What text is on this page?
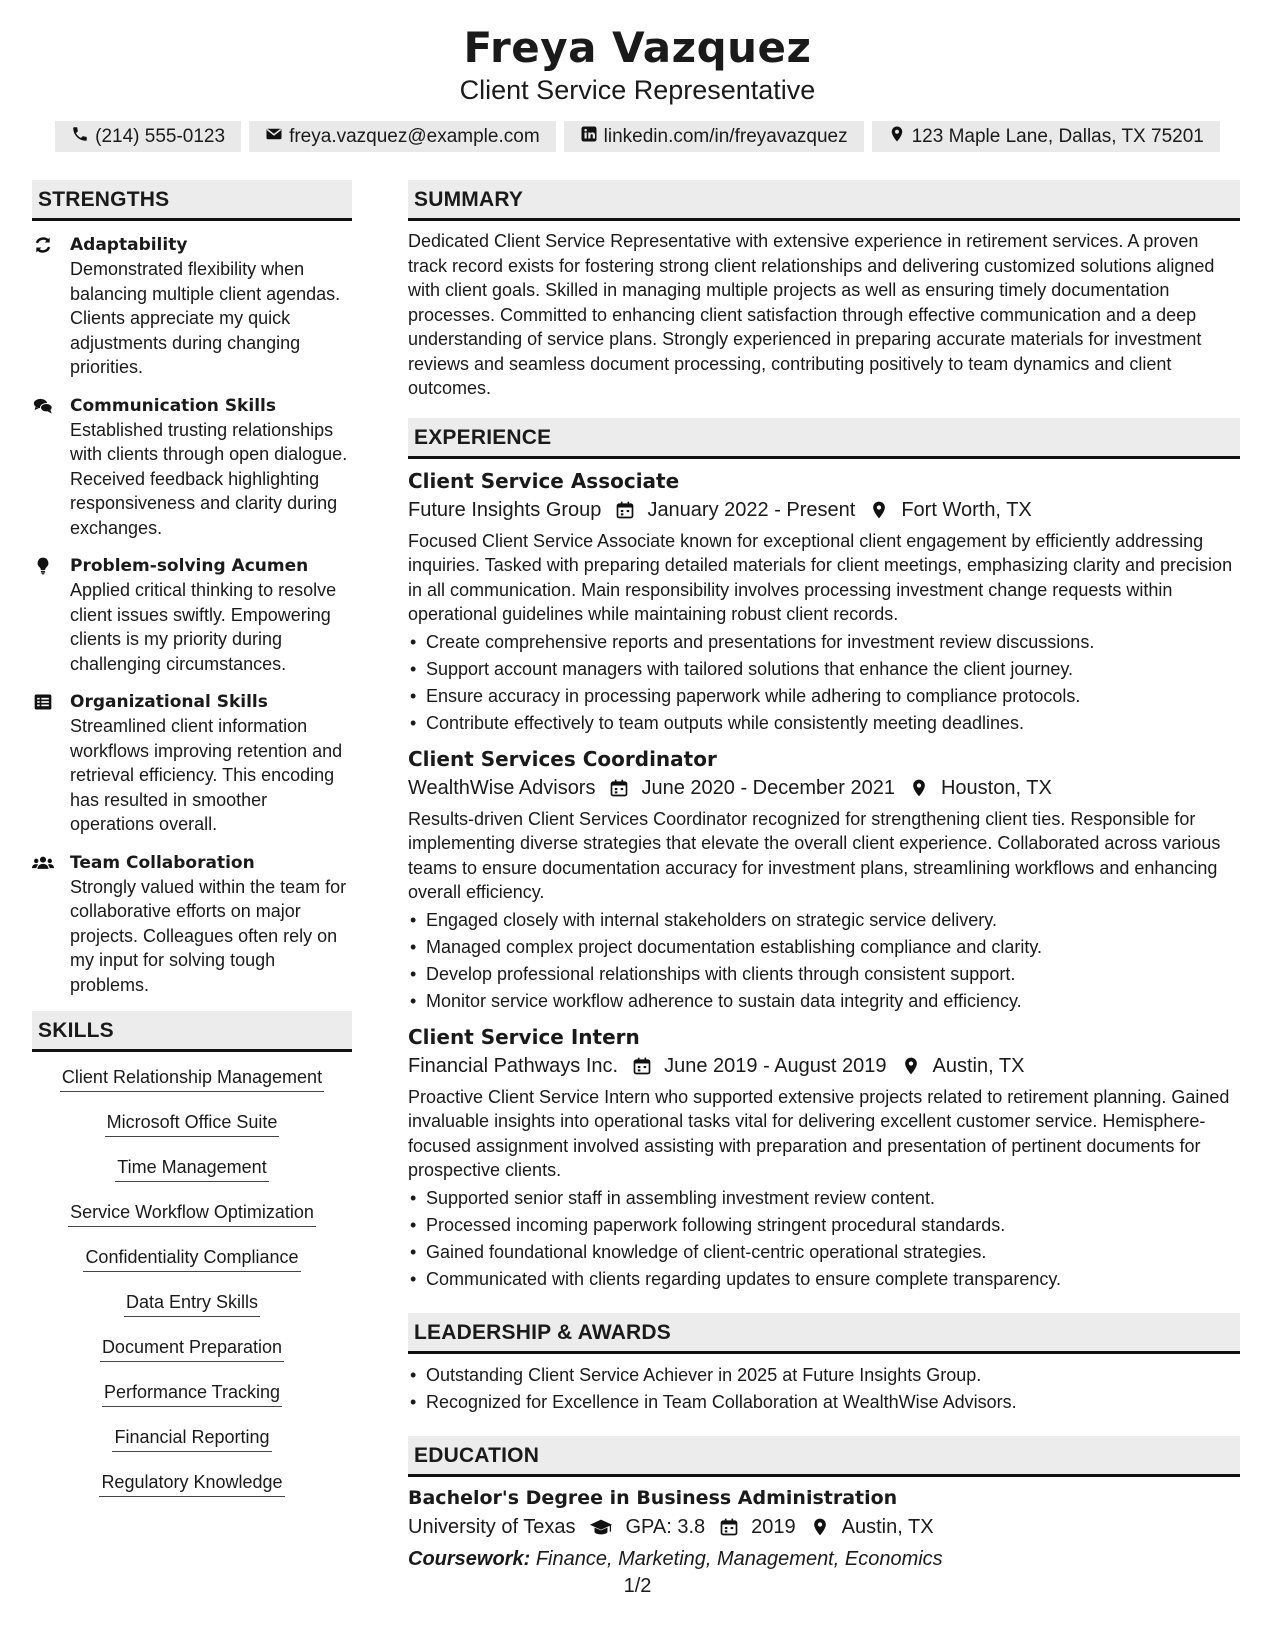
Freya Vazquez
Client Service Representative
(214) 555-0123	freya.vazquez@example.com	linkedin.com/in/freyavazquez	123 Maple Lane, Dallas, TX 75201
STRENGTHS
Adaptability
Demonstrated flexibility when balancing multiple client agendas. Clients appreciate my quick adjustments during changing priorities.
Communication Skills
Established trusting relationships with clients through open dialogue. Received feedback highlighting responsiveness and clarity during exchanges.
Problem-solving Acumen
Applied critical thinking to resolve client issues swiftly. Empowering clients is my priority during challenging circumstances.
Organizational Skills
Streamlined client information workflows improving retention and retrieval efficiency. This encoding has resulted in smoother operations overall.
Team Collaboration
Strongly valued within the team for collaborative efforts on major projects. Colleagues often rely on my input for solving tough problems.
SKILLS
Client Relationship Management
Microsoft Office Suite
Time Management
Service Workflow Optimization
Confidentiality Compliance
Data Entry Skills
Document Preparation
Performance Tracking
Financial Reporting
Regulatory Knowledge
SUMMARY
Dedicated Client Service Representative with extensive experience in retirement services. A proven track record exists for fostering strong client relationships and delivering customized solutions aligned with client goals. Skilled in managing multiple projects as well as ensuring timely documentation processes. Committed to enhancing client satisfaction through effective communication and a deep understanding of service plans. Strongly experienced in preparing accurate materials for investment reviews and seamless document processing, contributing positively to team dynamics and client outcomes.
EXPERIENCE
Client Service Associate
Future Insights Group January 2022 - Present Fort Worth, TX
Focused Client Service Associate known for exceptional client engagement by efficiently addressing inquiries. Tasked with preparing detailed materials for client meetings, emphasizing clarity and precision in all communication. Main responsibility involves processing investment change requests within operational guidelines while maintaining robust client records.
• Create comprehensive reports and presentations for investment review discussions.
• Support account managers with tailored solutions that enhance the client journey.
• Ensure accuracy in processing paperwork while adhering to compliance protocols.
• Contribute effectively to team outputs while consistently meeting deadlines.
Client Services Coordinator
WealthWise Advisors June 2020 - December 2021 Houston, TX
Results-driven Client Services Coordinator recognized for strengthening client ties. Responsible for implementing diverse strategies that elevate the overall client experience. Collaborated across various teams to ensure documentation accuracy for investment plans, streamlining workflows and enhancing overall efficiency.
• Engaged closely with internal stakeholders on strategic service delivery.
• Managed complex project documentation establishing compliance and clarity.
• Develop professional relationships with clients through consistent support.
• Monitor service workflow adherence to sustain data integrity and efficiency.
Client Service Intern
Financial Pathways Inc. June 2019 - August 2019 Austin, TX
Proactive Client Service Intern who supported extensive projects related to retirement planning. Gained invaluable insights into operational tasks vital for delivering excellent customer service. Hemisphere-focused assignment involved assisting with preparation and presentation of pertinent documents for prospective clients.
• Supported senior staff in assembling investment review content.
• Processed incoming paperwork following stringent procedural standards.
• Gained foundational knowledge of client-centric operational strategies.
• Communicated with clients regarding updates to ensure complete transparency.
LEADERSHIP & AWARDS
• Outstanding Client Service Achiever in 2025 at Future Insights Group.
• Recognized for Excellence in Team Collaboration at WealthWise Advisors.
EDUCATION
Bachelor's Degree in Business Administration
University of Texas	GPA: 3.8 2019 Austin, TX
Coursework: Finance, Marketing, Management, Economics
1/2
